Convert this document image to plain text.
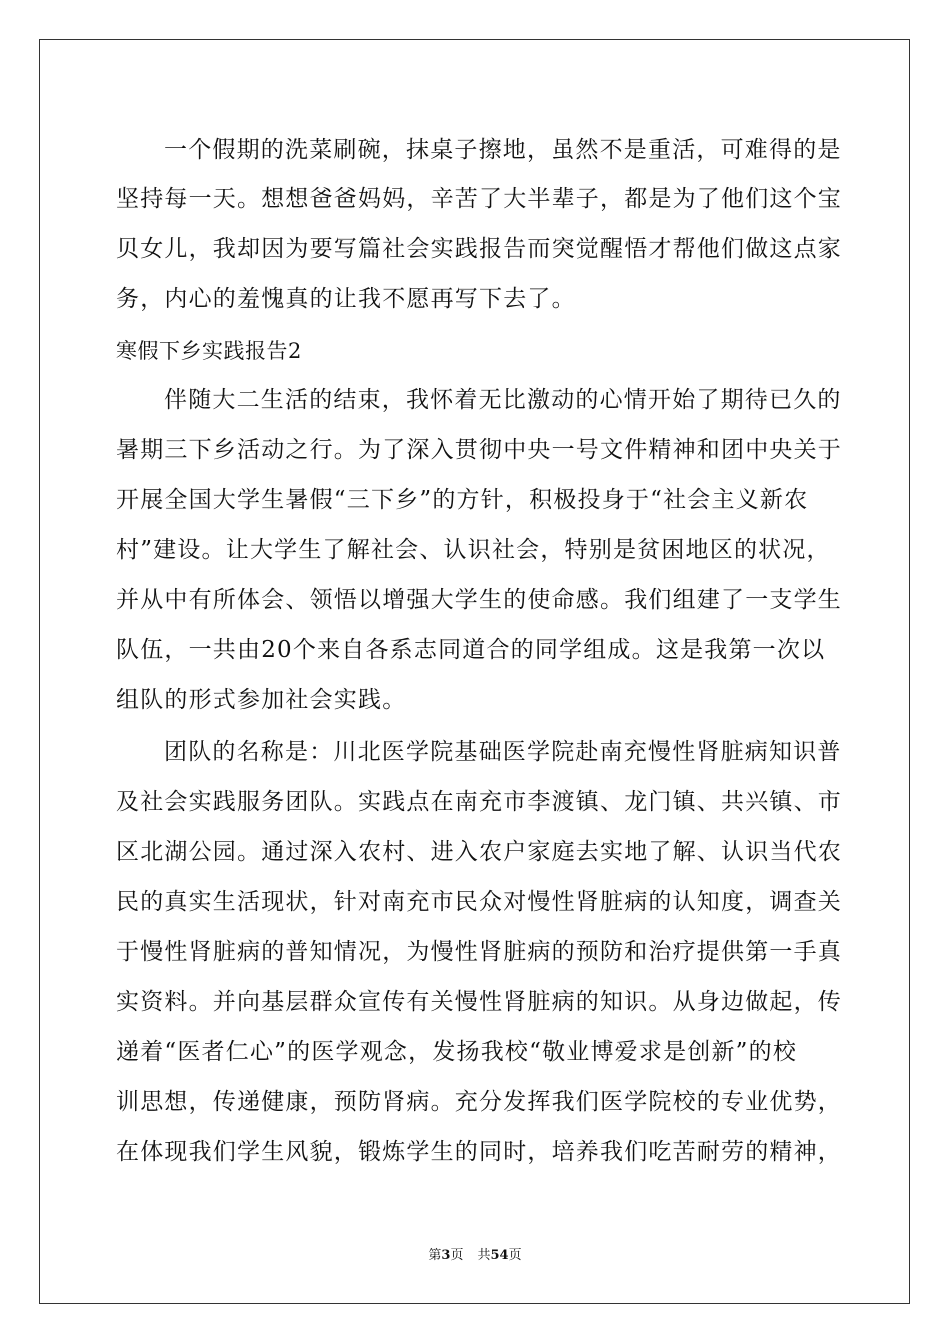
一个假期的洗菜刷碗，抹桌子擦地，虽然不是重活，可难得的是
坚持每一天。想想爸爸妈妈，辛苦了大半辈子，都是为了他们这个宝
贝女儿，我却因为要写篇社会实践报告而突觉醒悟才帮他们做这点家
务，内心的羞愧真的让我不愿再写下去了。
寒假下乡实践报告2
伴随大二生活的结束，我怀着无比激动的心情开始了期待已久的
暑期三下乡活动之行。为了深入贯彻中央一号文件精神和团中央关于
开展全国大学生暑假“三下乡”的方针，积极投身于“社会主义新农
村”建设。让大学生了解社会、认识社会，特别是贫困地区的状况，
并从中有所体会、领悟以增强大学生的使命感。我们组建了一支学生
队伍，一共由20个来自各系志同道合的同学组成。这是我第一次以
组队的形式参加社会实践。
团队的名称是：川北医学院基础医学院赴南充慢性肾脏病知识普
及社会实践服务团队。实践点在南充市李渡镇、龙门镇、共兴镇、市
区北湖公园。通过深入农村、进入农户家庭去实地了解、认识当代农
民的真实生活现状，针对南充市民众对慢性肾脏病的认知度，调查关
于慢性肾脏病的普知情况，为慢性肾脏病的预防和治疗提供第一手真
实资料。并向基层群众宣传有关慢性肾脏病的知识。从身边做起，传
递着“医者仁心”的医学观念，发扬我校“敬业博爱求是创新”的校
训思想，传递健康，预防肾病。充分发挥我们医学院校的专业优势，
在体现我们学生风貌，锻炼学生的同时，培养我们吃苦耐劳的精神，
第3页 共54页
